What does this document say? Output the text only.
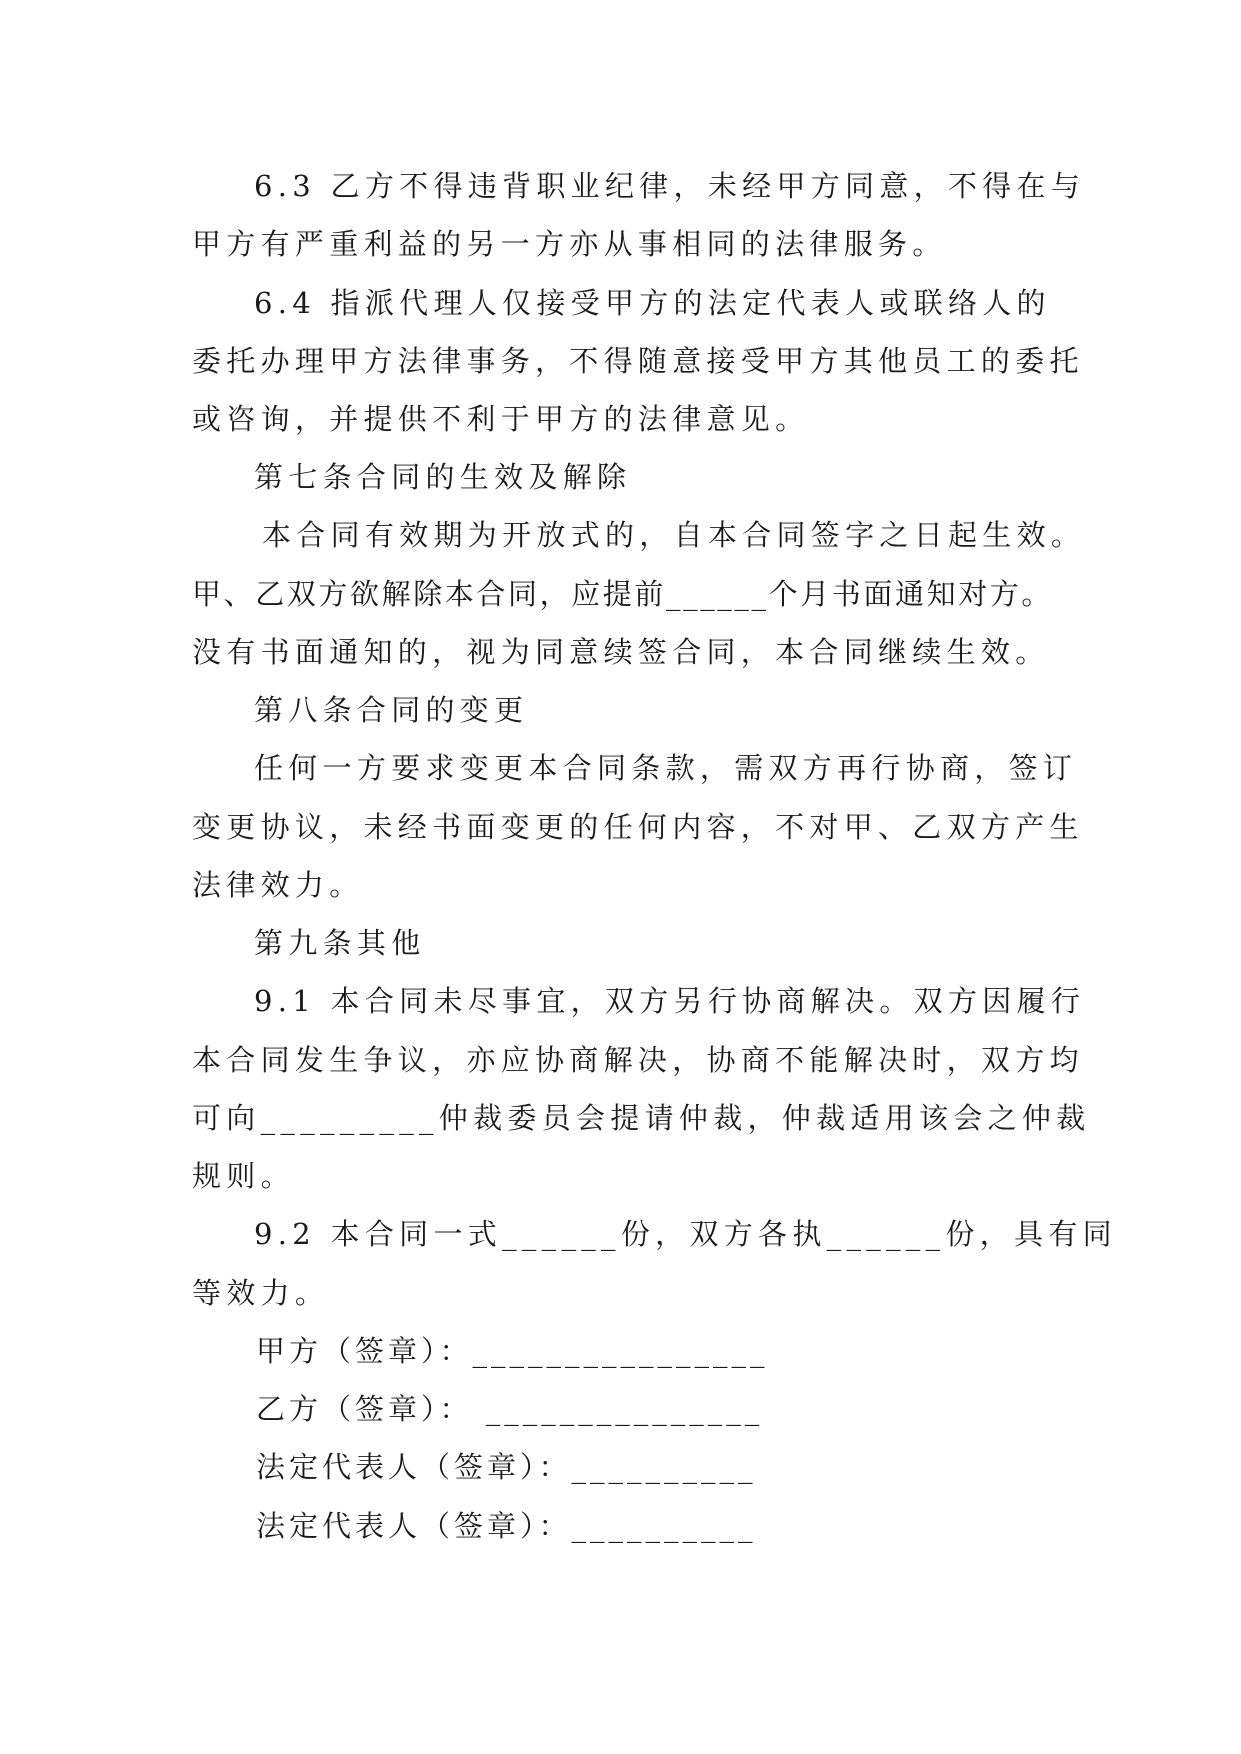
6.3 乙方不得违背职业纪律，未经甲方同意，不得在与
甲方有严重利益的另一方亦从事相同的法律服务。
6.4 指派代理人仅接受甲方的法定代表人或联络人的
委托办理甲方法律事务，不得随意接受甲方其他员工的委托
或咨询，并提供不利于甲方的法律意见。
第七条合同的生效及解除
本合同有效期为开放式的，自本合同签字之日起生效。
甲、乙双方欲解除本合同，应提前______个月书面通知对方。
没有书面通知的，视为同意续签合同，本合同继续生效。
第八条合同的变更
任何一方要求变更本合同条款，需双方再行协商，签订
变更协议，未经书面变更的任何内容，不对甲、乙双方产生
法律效力。
第九条其他
9.1 本合同未尽事宜，双方另行协商解决。双方因履行
本合同发生争议，亦应协商解决，协商不能解决时，双方均
可向_________仲裁委员会提请仲裁，仲裁适用该会之仲裁
规则。
9.2 本合同一式______份，双方各执______份，具有同
等效力。
甲方（签章）：________________
乙方（签章）： _______________
法定代表人（签章）：__________
法定代表人（签章）：__________
